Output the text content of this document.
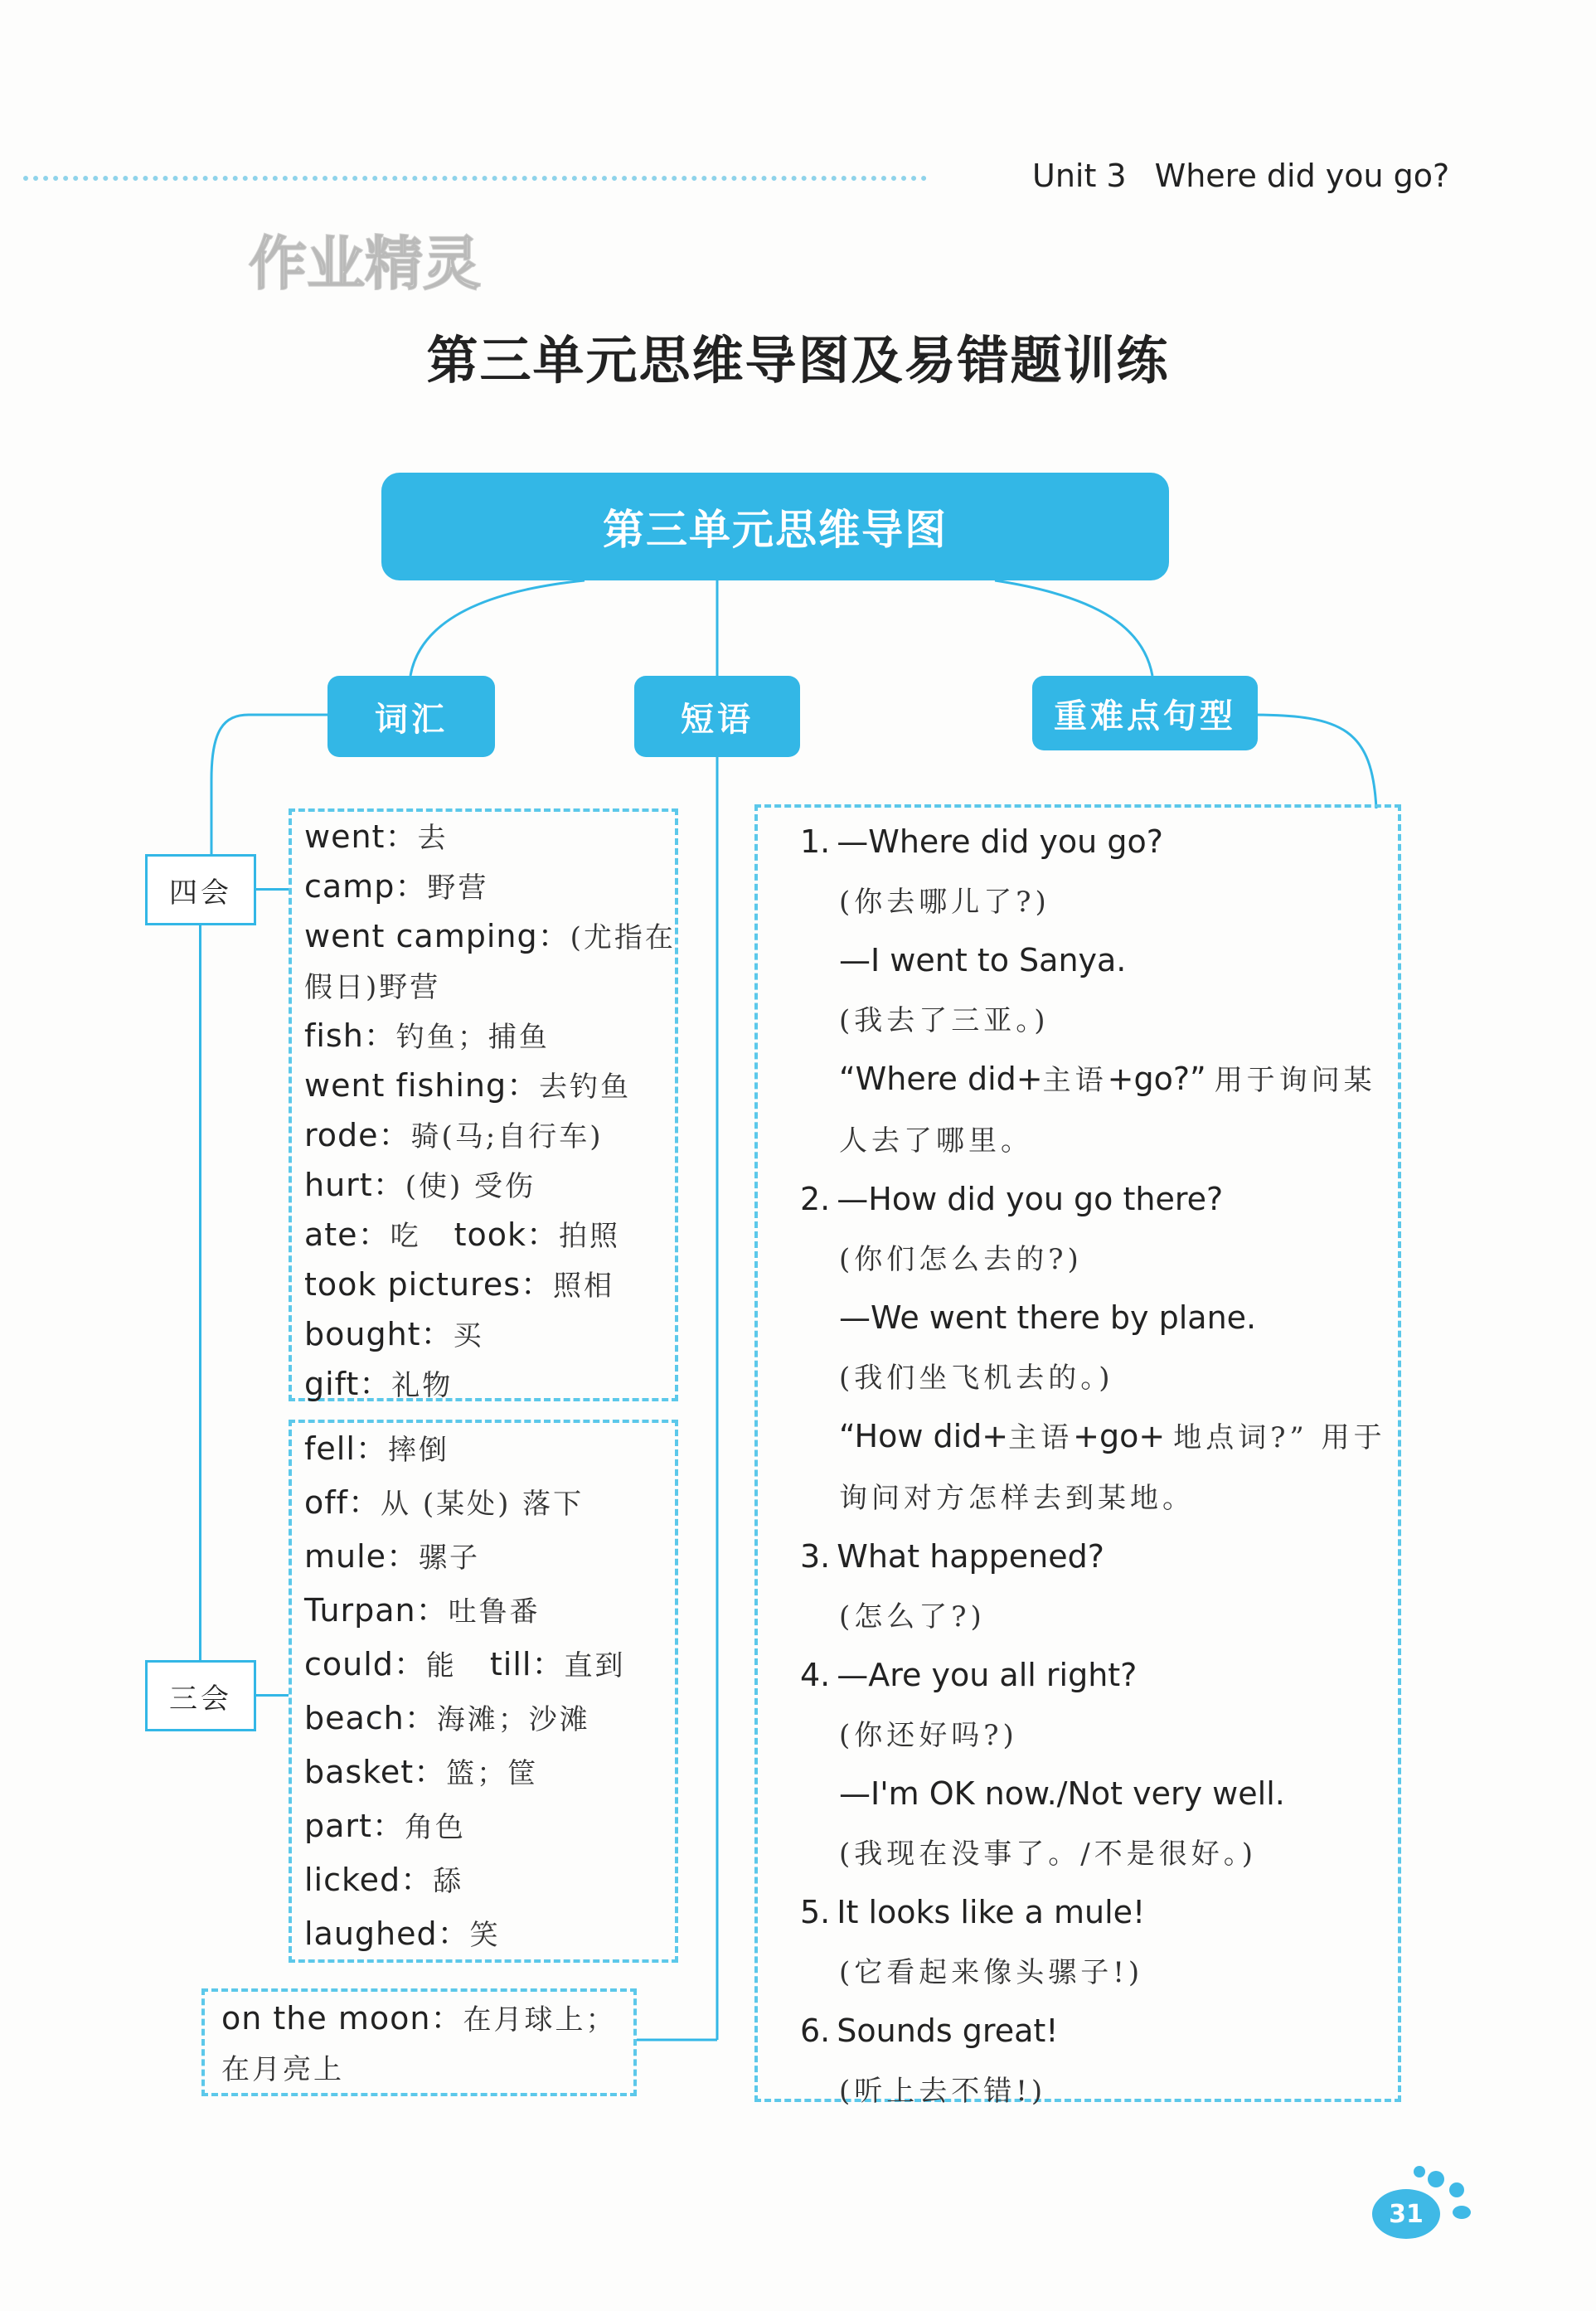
Unit 3 Where did you go?
作业精灵
第三单元思维导图及易错题训练
第三单元思维导图
词汇	短语	重难点句型
四会
三会
went：去
camp：野营
went camping：(尤指在
假日)野营
fish：钓鱼；捕鱼
went fishing：去钓鱼
rode：骑(马;自行车)
hurt：(使) 受伤
ate：吃 took：拍照
took pictures：照相
bought：买
gift：礼物
fell：摔倒
off：从 (某处) 落下
mule：骡子
Turpan：吐鲁番
could：能 till：直到
beach：海滩；沙滩
basket：篮；筐
part：角色
licked：舔
laughed：笑
on the moon：在月球上；
在月亮上
1. —Where did you go?
(你去哪儿了?)
—I went to Sanya.
(我去了三亚。)
“Where did+主语+go?” 用于询问某
人去了哪里。
2. —How did you go there?
(你们怎么去的?)
—We went there by plane.
(我们坐飞机去的。)
“How did+主语+go+ 地点词?” 用于
询问对方怎样去到某地。
3. What happened?
(怎么了?)
4. —Are you all right?
(你还好吗?)
—I'm OK now./Not very well.
(我现在没事了。/不是很好。)
5. It looks like a mule!
(它看起来像头骡子!)
6. Sounds great!
(听上去不错!)
31
